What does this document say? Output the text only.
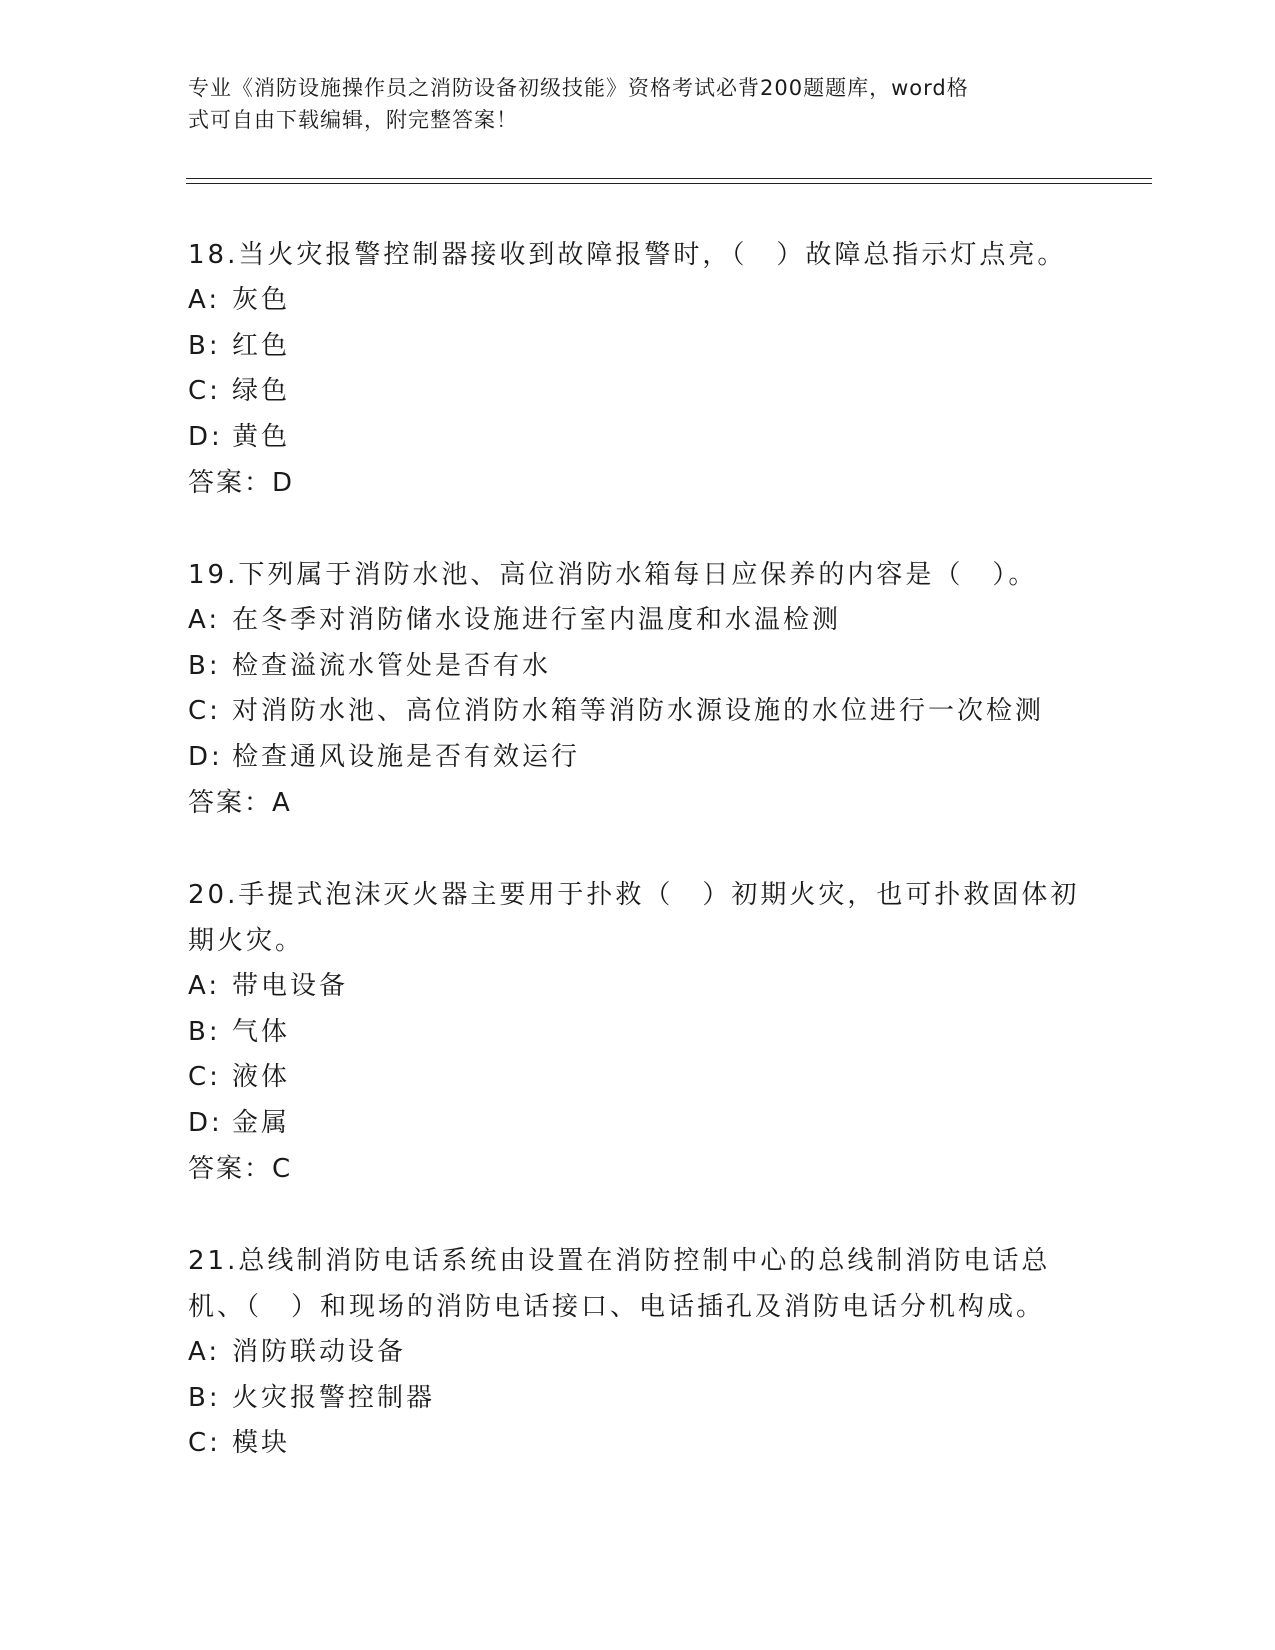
专业《消防设施操作员之消防设备初级技能》资格考试必背200题题库，word格
式可自由下载编辑，附完整答案！
18.当火灾报警控制器接收到故障报警时，（　）故障总指示灯点亮。
A: 灰色
B: 红色
C: 绿色
D: 黄色
答案：D
19.下列属于消防水池、高位消防水箱每日应保养的内容是（　）。
A: 在冬季对消防储水设施进行室内温度和水温检测
B: 检查溢流水管处是否有水
C: 对消防水池、高位消防水箱等消防水源设施的水位进行一次检测
D: 检查通风设施是否有效运行
答案：A
20.手提式泡沫灭火器主要用于扑救（　）初期火灾，也可扑救固体初期火灾。
A: 带电设备
B: 气体
C: 液体
D: 金属
答案：C
21.总线制消防电话系统由设置在消防控制中心的总线制消防电话总机、（　）和现场的消防电话接口、电话插孔及消防电话分机构成。
A: 消防联动设备
B: 火灾报警控制器
C: 模块
